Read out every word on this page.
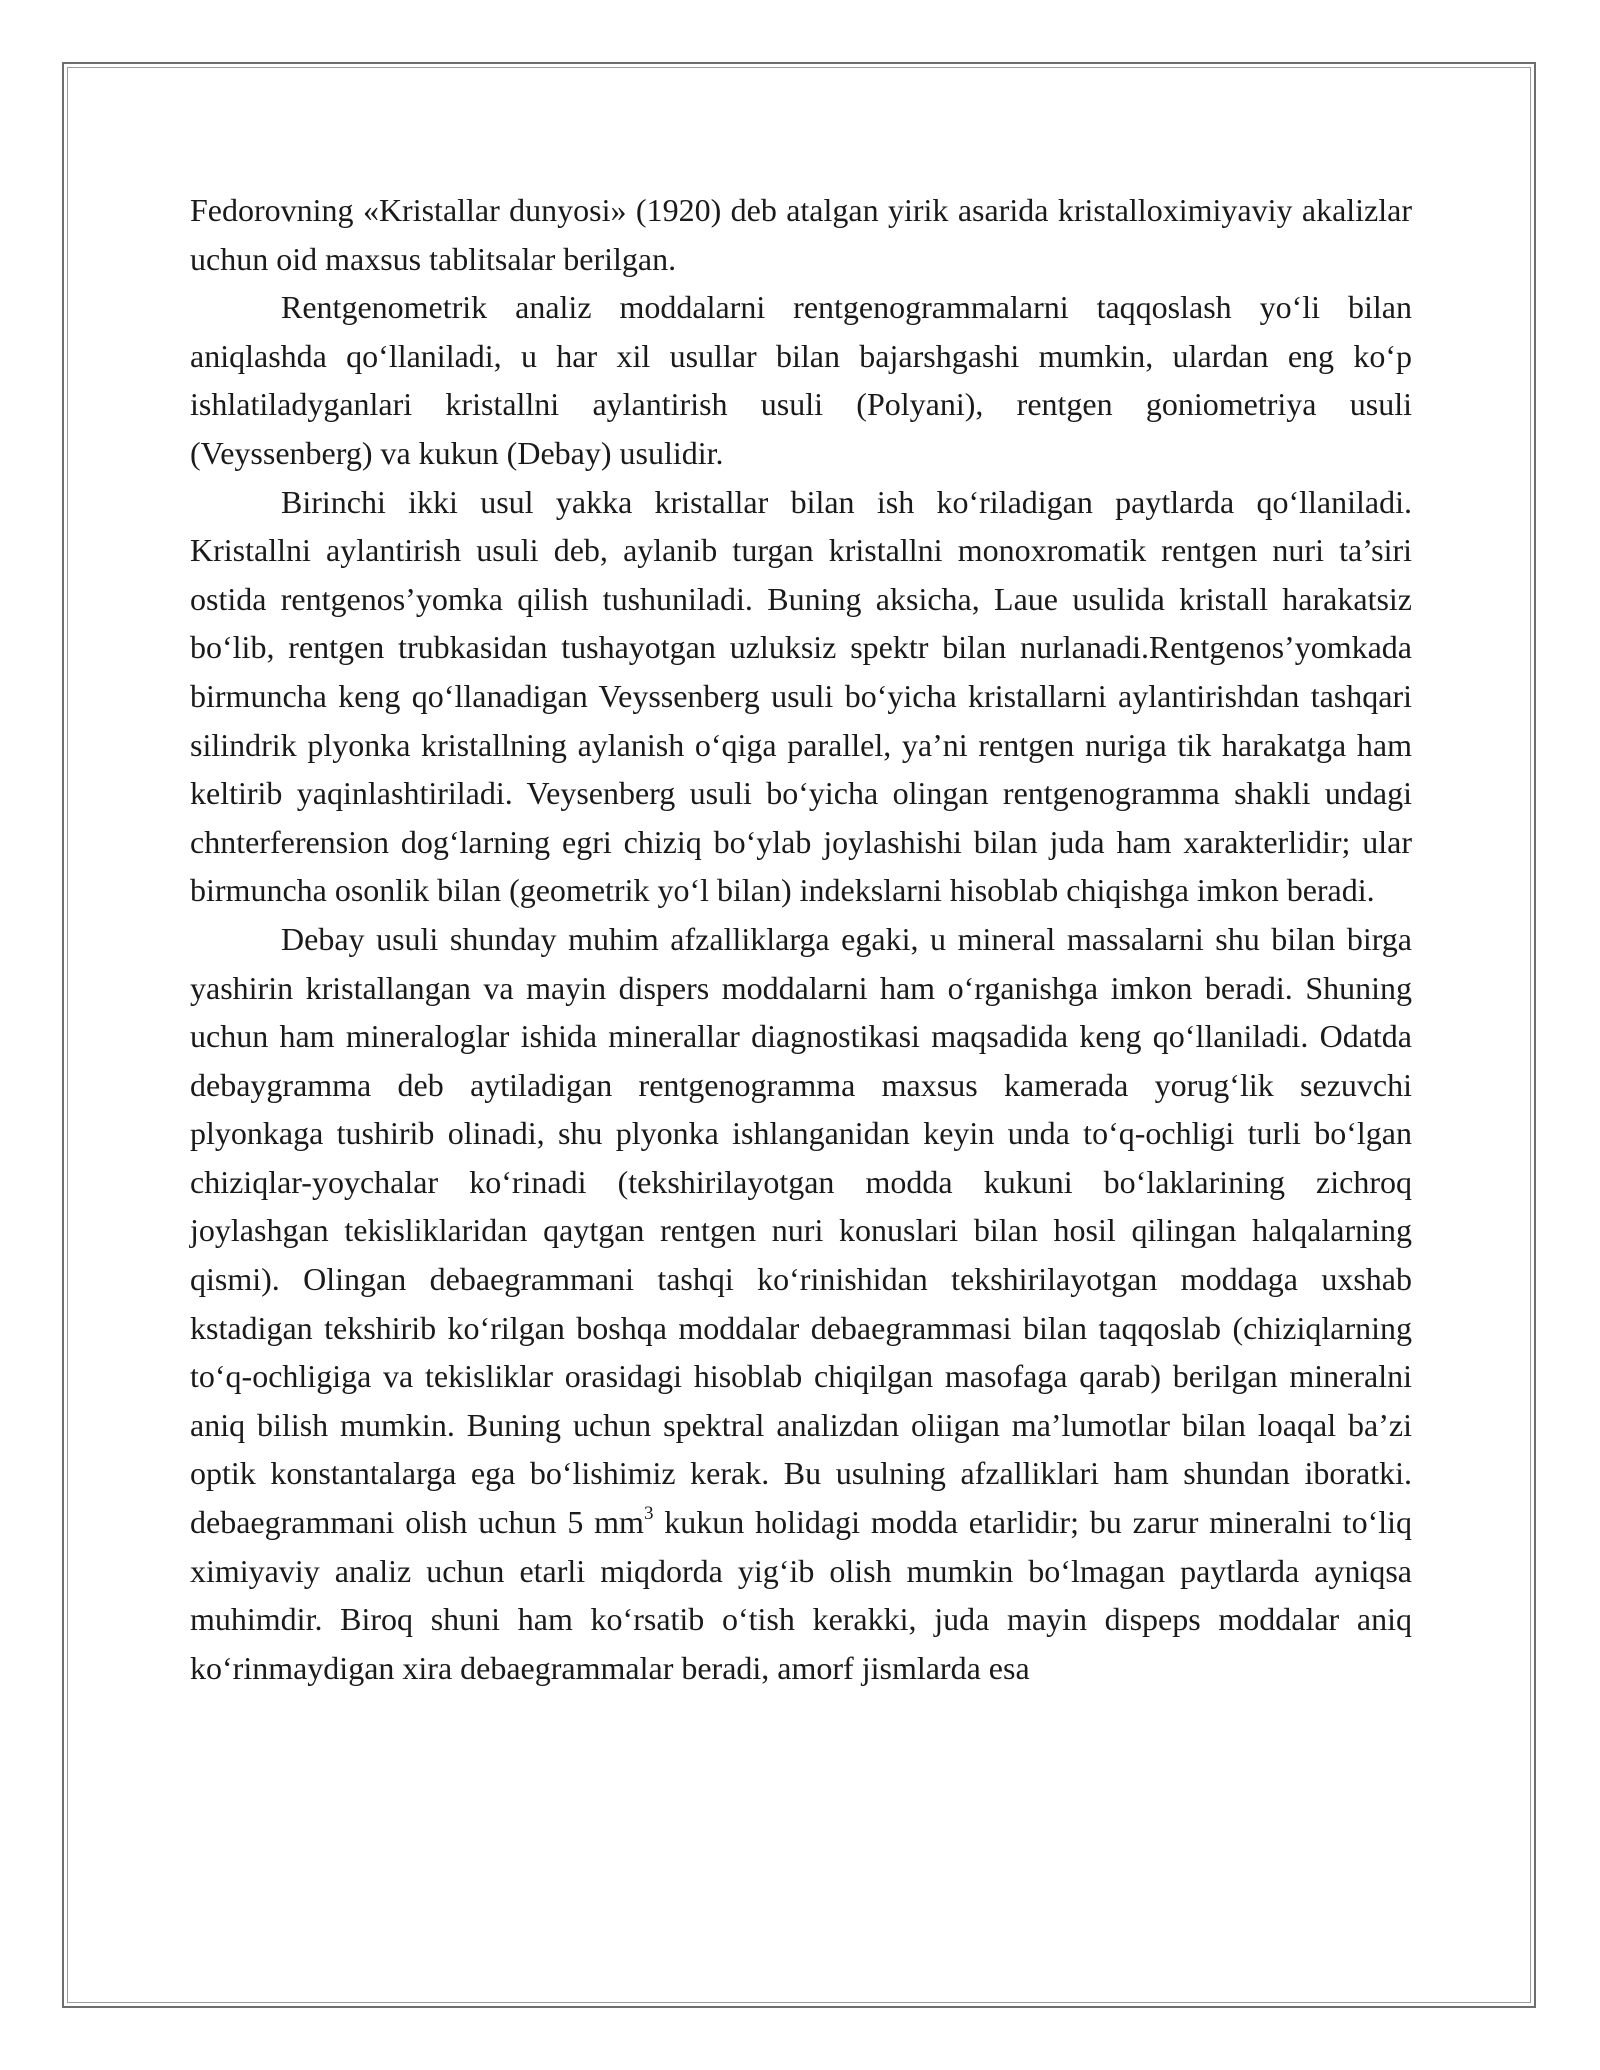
Fedorovning «Kristallar dunyosi» (1920) deb atalgan yirik asarida kristalloximiyaviy akalizlar uchun oid maxsus tablitsalar berilgan.

Rentgenometrik analiz moddalarni rentgenogrammalarni taqqoslash yo‘li bilan aniqlashda qo‘llaniladi, u har xil usullar bilan bajarshgashi mumkin, ulardan eng ko‘p ishlatiladyganlari kristallni aylantirish usuli (Polyani), rentgen goniometriya usuli (Veyssenberg) va kukun (Debay) usulidir.

Birinchi ikki usul yakka kristallar bilan ish ko‘riladigan paytlarda qo‘llaniladi. Kristallni aylantirish usuli deb, aylanib turgan kristallni monoxromatik rentgen nuri ta’siri ostida rentgenos’yomka qilish tushuniladi. Buning aksicha, Laue usulida kristall harakatsiz bo‘lib, rentgen trubkasidan tushayotgan uzluksiz spektr bilan nurlanadi.Rentgenos’yomkada birmuncha keng qo‘llanadigan Veyssenberg usuli bo‘yicha kristallarni aylantirishdan tashqari silindrik plyonka kristallning aylanish o‘qiga parallel, ya’ni rentgen nuriga tik harakatga ham keltirib yaqinlashtiriladi. Veysenberg usuli bo‘yicha olingan rentgenogramma shakli undagi chnterferension dog‘larning egri chiziq bo‘ylab joylashishi bilan juda ham xarakterlidir; ular birmuncha osonlik bilan (geometrik yo‘l bilan) indekslarni hisoblab chiqishga imkon beradi.

Debay usuli shunday muhim afzalliklarga egaki, u mineral massalarni shu bilan birga yashirin kristallangan va mayin dispers moddalarni ham o‘rganishga imkon beradi. Shuning uchun ham mineraloglar ishida minerallar diagnostikasi maqsadida keng qo‘llaniladi. Odatda debaygramma deb aytiladigan rentgenogramma maxsus kamerada yorug‘lik sezuvchi plyonkaga tushirib olinadi, shu plyonka ishlanganidan keyin unda to‘q-ochligi turli bo‘lgan chiziqlar-yoychalar ko‘rinadi (tekshirilayotgan modda kukuni bo‘laklarining zichroq joylashgan tekisliklaridan qaytgan rentgen nuri konuslari bilan hosil qilingan halqalarning qismi). Olingan debaegrammani tashqi ko‘rinishidan tekshirilayotgan moddaga uxshab kstadigan tekshirib ko‘rilgan boshqa moddalar debaegrammasi bilan taqqoslab (chiziqlarning to‘q-ochligiga va tekisliklar orasidagi hisoblab chiqilgan masofaga qarab) berilgan mineralni aniq bilish mumkin. Buning uchun spektral analizdan oliigan ma’lumotlar bilan loaqal ba’zi optik konstantalarga ega bo‘lishimiz kerak. Bu usulning afzalliklari ham shundan iboratki. debaegrammani olish uchun 5 $mm^3$ kukun holidagi modda etarlidir; bu zarur mineralni to‘liq ximiyaviy analiz uchun etarli miqdorda yig‘ib olish mumkin bo‘lmagan paytlarda ayniqsa muhimdir. Biroq shuni ham ko‘rsatib o‘tish kerakki, juda mayin dispeps moddalar aniq ko‘rinmaydigan xira debaegrammalar beradi, amorf jismlarda esa
